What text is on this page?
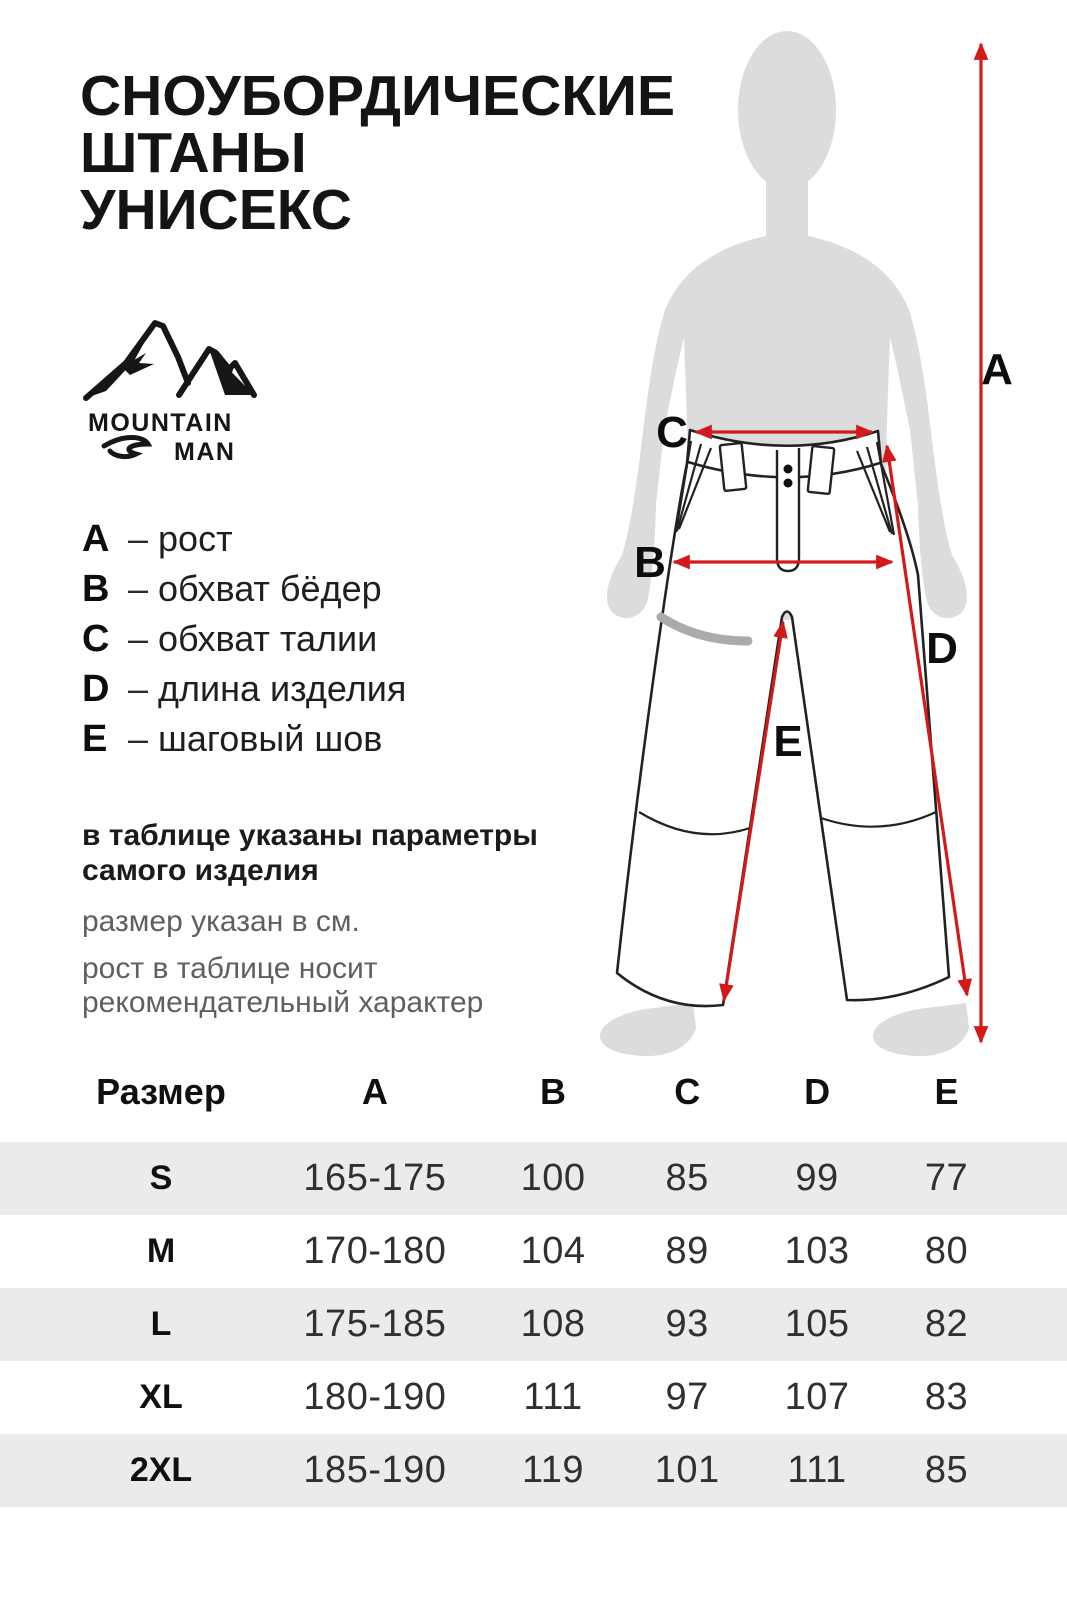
СНОУБОРДИЧЕСКИЕ
ШТАНЫ
УНИСЕКС
MOUNTAIN
MAN
A – рост
B – обхват бёдер
C – обхват талии
D – длина изделия
E – шаговый шов
в таблице указаны параметры
самого изделия
размер указан в см.
рост в таблице носит
рекомендательный характер
C
B
A
D
E
Размер	A	B	C	D	E
S	165-175	100	85	99	77
M	170-180	104	89	103	80
L	175-185	108	93	105	82
XL	180-190	111	97	107	83
2XL	185-190	119	101	111	85
